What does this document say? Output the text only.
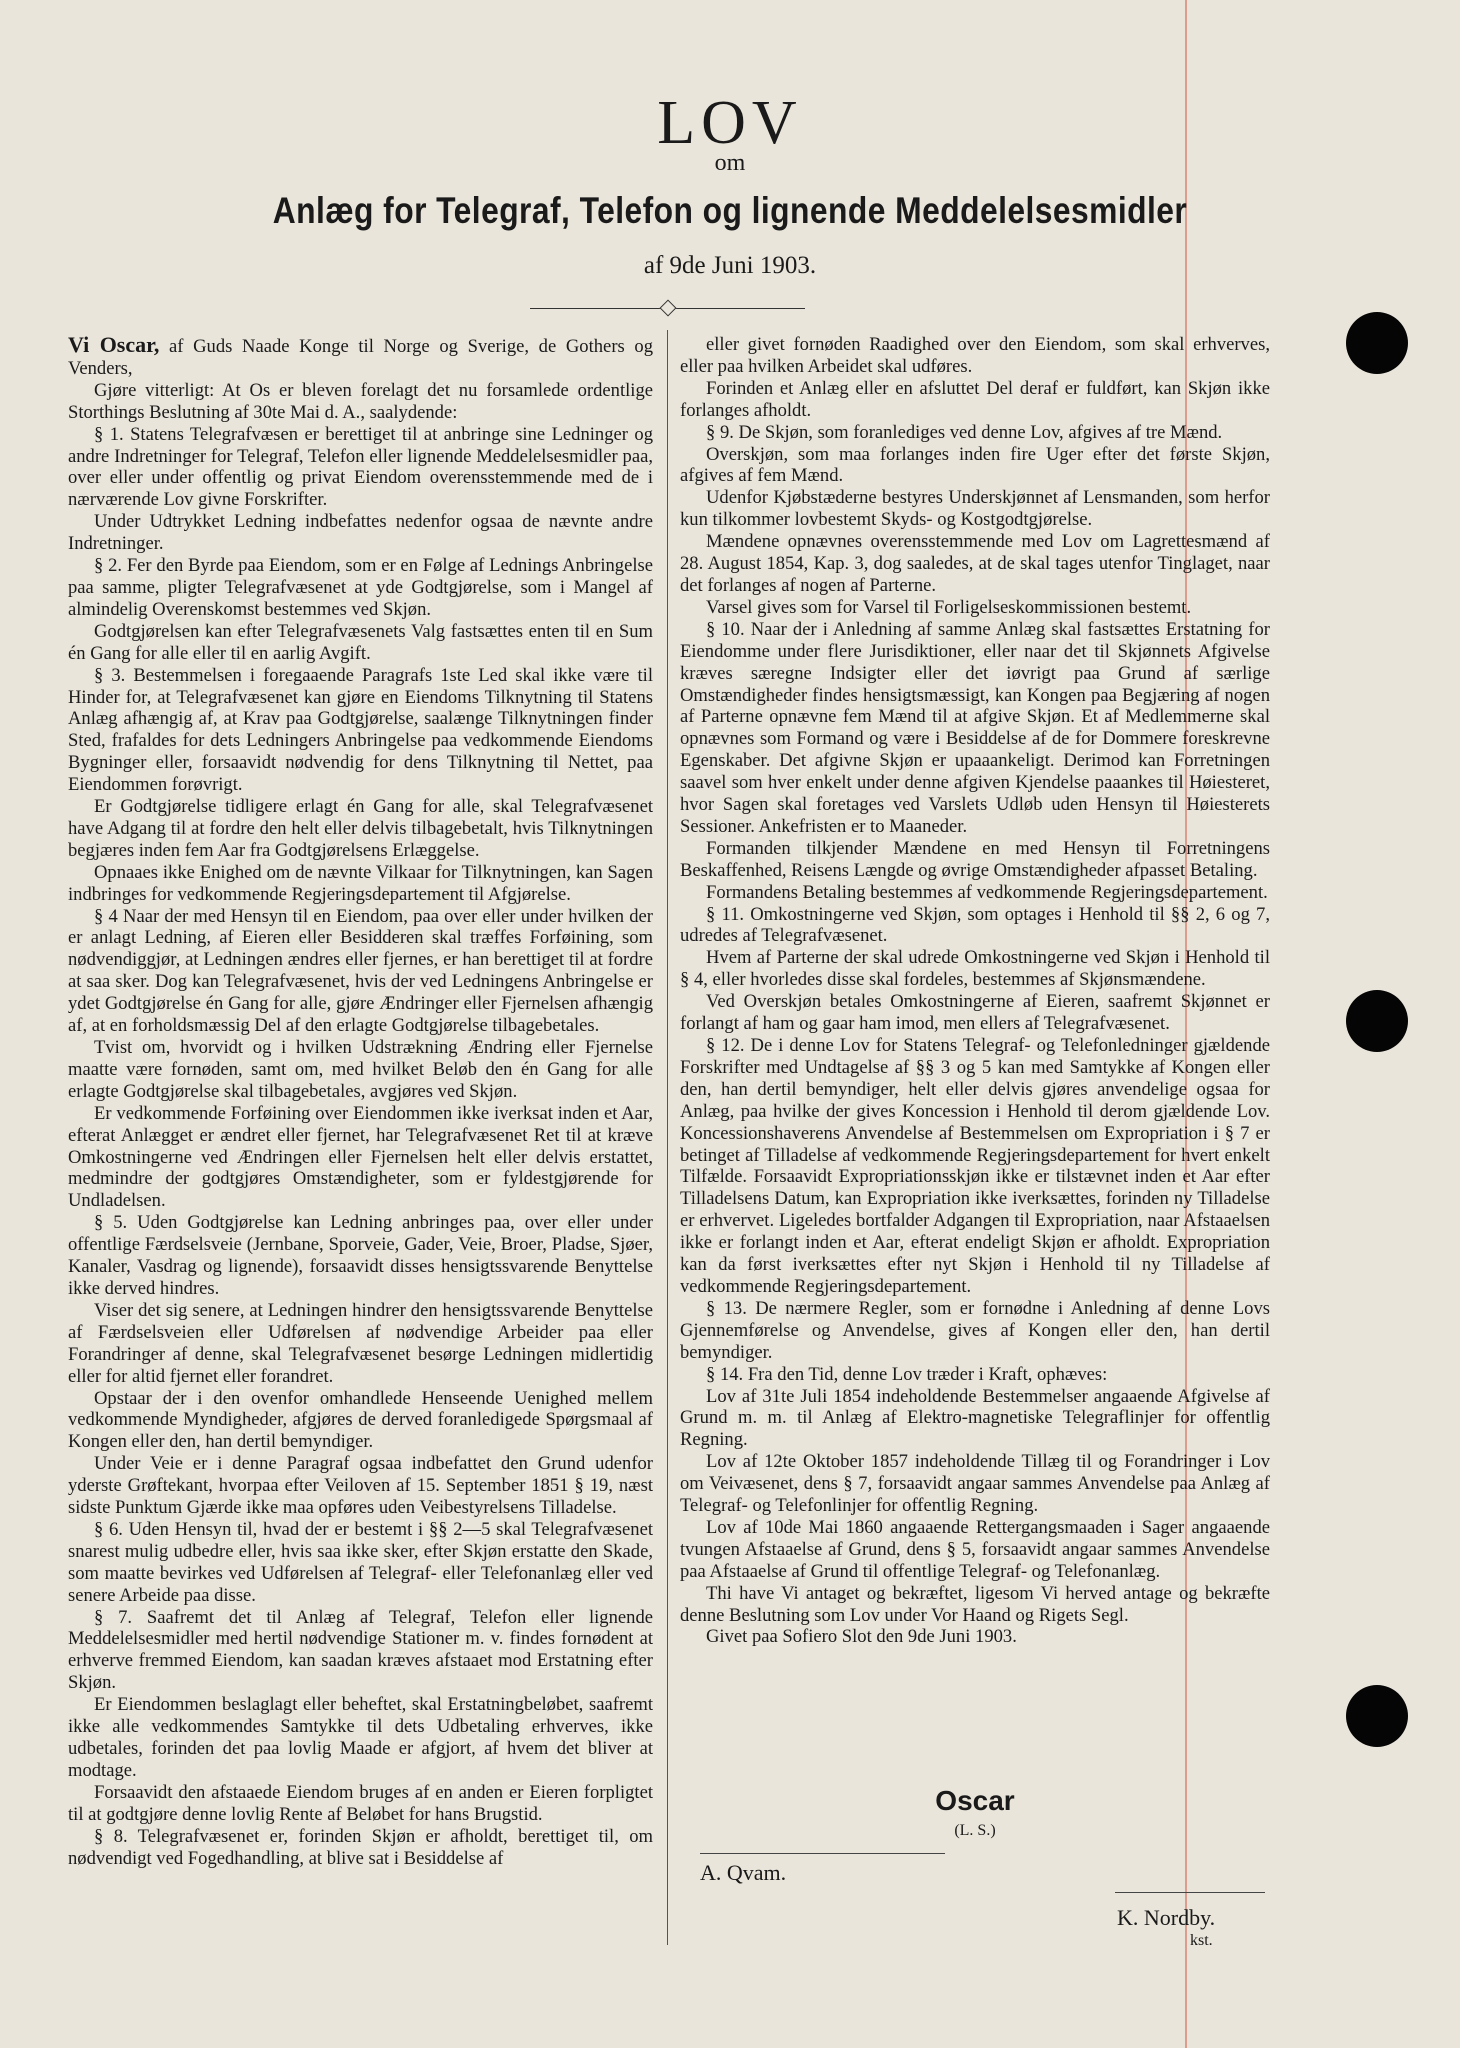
LOV
om
Anlæg for Telegraf, Telefon og lignende Meddelelsesmidler
af 9de Juni 1903.

Vi Oscar, af Guds Naade Konge til Norge og Sverige, de Gothers og Venders,

Gjøre vitterligt: At Os er bleven forelagt det nu forsamlede ordentlige Storthings Beslutning af 30te Mai d. A., saalydende:

§ 1. Statens Telegrafvæsen er berettiget til at anbringe sine Ledninger og andre Indretninger for Telegraf, Telefon eller lignende Meddelelsesmidler paa, over eller under offentlig og privat Eiendom overensstemmende med de i nærværende Lov givne Forskrifter.

Under Udtrykket Ledning indbefattes nedenfor ogsaa de nævnte andre Indretninger.

§ 2. Fer den Byrde paa Eiendom, som er en Følge af Lednings Anbringelse paa samme, pligter Telegrafvæsenet at yde Godtgjørelse, som i Mangel af almindelig Overenskomst bestemmes ved Skjøn.

Godtgjørelsen kan efter Telegrafvæsenets Valg fastsættes enten til en Sum én Gang for alle eller til en aarlig Avgift.

§ 3. Bestemmelsen i foregaaende Paragrafs 1ste Led skal ikke være til Hinder for, at Telegrafvæsenet kan gjøre en Eiendoms Tilknytning til Statens Anlæg afhængig af, at Krav paa Godtgjørelse, saalænge Tilknytningen finder Sted, frafaldes for dets Ledningers Anbringelse paa vedkommende Eiendoms Bygninger eller, forsaavidt nødvendig for dens Tilknytning til Nettet, paa Eiendommen forøvrigt.

Er Godtgjørelse tidligere erlagt én Gang for alle, skal Telegrafvæsenet have Adgang til at fordre den helt eller delvis tilbagebetalt, hvis Tilknytningen begjæres inden fem Aar fra Godtgjørelsens Erlæggelse.

Opnaaes ikke Enighed om de nævnte Vilkaar for Tilknytningen, kan Sagen indbringes for vedkommende Regjeringsdepartement til Afgjørelse.

§ 4 Naar der med Hensyn til en Eiendom, paa over eller under hvilken der er anlagt Ledning, af Eieren eller Besidderen skal træffes Forføining, som nødvendiggjør, at Ledningen ændres eller fjernes, er han berettiget til at fordre at saa sker. Dog kan Telegrafvæsenet, hvis der ved Ledningens Anbringelse er ydet Godtgjørelse én Gang for alle, gjøre Ændringer eller Fjernelsen afhængig af, at en forholdsmæssig Del af den erlagte Godtgjørelse tilbagebetales.

Tvist om, hvorvidt og i hvilken Udstrækning Ændring eller Fjernelse maatte være fornøden, samt om, med hvilket Beløb den én Gang for alle erlagte Godtgjørelse skal tilbagebetales, avgjøres ved Skjøn.

Er vedkommende Forføining over Eiendommen ikke iverksat inden et Aar, efterat Anlægget er ændret eller fjernet, har Telegrafvæsenet Ret til at kræve Omkostningerne ved Ændringen eller Fjernelsen helt eller delvis erstattet, medmindre der godtgjøres Omstændigheter, som er fyldestgjørende for Undladelsen.

§ 5. Uden Godtgjørelse kan Ledning anbringes paa, over eller under offentlige Færdselsveie (Jernbane, Sporveie, Gader, Veie, Broer, Pladse, Sjøer, Kanaler, Vasdrag og lignende), forsaavidt disses hensigtssvarende Benyttelse ikke derved hindres.

Viser det sig senere, at Ledningen hindrer den hensigtssvarende Benyttelse af Færdselsveien eller Udførelsen af nødvendige Arbeider paa eller Forandringer af denne, skal Telegrafvæsenet besørge Ledningen midlertidig eller for altid fjernet eller forandret.

Opstaar der i den ovenfor omhandlede Henseende Uenighed mellem vedkommende Myndigheder, afgjøres de derved foranledigede Spørgsmaal af Kongen eller den, han dertil bemyndiger.

Under Veie er i denne Paragraf ogsaa indbefattet den Grund udenfor yderste Grøftekant, hvorpaa efter Veiloven af 15. September 1851 § 19, næst sidste Punktum Gjærde ikke maa opføres uden Veibestyrelsens Tilladelse.

§ 6. Uden Hensyn til, hvad der er bestemt i §§ 2—5 skal Telegrafvæsenet snarest mulig udbedre eller, hvis saa ikke sker, efter Skjøn erstatte den Skade, som maatte bevirkes ved Udførelsen af Telegraf- eller Telefonanlæg eller ved senere Arbeide paa disse.

§ 7. Saafremt det til Anlæg af Telegraf, Telefon eller lignende Meddelelsesmidler med hertil nødvendige Stationer m. v. findes fornødent at erhverve fremmed Eiendom, kan saadan kræves afstaaet mod Erstatning efter Skjøn.

Er Eiendommen beslaglagt eller beheftet, skal Erstatningbeløbet, saafremt ikke alle vedkommendes Samtykke til dets Udbetaling erhverves, ikke udbetales, forinden det paa lovlig Maade er afgjort, af hvem det bliver at modtage.

Forsaavidt den afstaaede Eiendom bruges af en anden er Eieren forpligtet til at godtgjøre denne lovlig Rente af Beløbet for hans Brugstid.

§ 8. Telegrafvæsenet er, forinden Skjøn er afholdt, berettiget til, om nødvendigt ved Fogedhandling, at blive sat i Besiddelse af

eller givet fornøden Raadighed over den Eiendom, som skal erhverves, eller paa hvilken Arbeidet skal udføres.

Forinden et Anlæg eller en afsluttet Del deraf er fuldført, kan Skjøn ikke forlanges afholdt.

§ 9. De Skjøn, som foranlediges ved denne Lov, afgives af tre Mænd.

Overskjøn, som maa forlanges inden fire Uger efter det første Skjøn, afgives af fem Mænd.

Udenfor Kjøbstæderne bestyres Underskjønnet af Lensmanden, som herfor kun tilkommer lovbestemt Skyds- og Kostgodtgjørelse.

Mændene opnævnes overensstemmende med Lov om Lagrettesmænd af 28. August 1854, Kap. 3, dog saaledes, at de skal tages utenfor Tinglaget, naar det forlanges af nogen af Parterne.

Varsel gives som for Varsel til Forligelseskommissionen bestemt.

§ 10. Naar der i Anledning af samme Anlæg skal fastsættes Erstatning for Eiendomme under flere Jurisdiktioner, eller naar det til Skjønnets Afgivelse kræves særegne Indsigter eller det iøvrigt paa Grund af særlige Omstændigheder findes hensigtsmæssigt, kan Kongen paa Begjæring af nogen af Parterne opnævne fem Mænd til at afgive Skjøn. Et af Medlemmerne skal opnævnes som Formand og være i Besiddelse af de for Dommere foreskrevne Egenskaber. Det afgivne Skjøn er upaaankeligt. Derimod kan Forretningen saavel som hver enkelt under denne afgiven Kjendelse paaankes til Høiesteret, hvor Sagen skal foretages ved Varslets Udløb uden Hensyn til Høiesterets Sessioner. Ankefristen er to Maaneder.

Formanden tilkjender Mændene en med Hensyn til Forretningens Beskaffenhed, Reisens Længde og øvrige Omstændigheder afpasset Betaling.

Formandens Betaling bestemmes af vedkommende Regjeringsdepartement.

§ 11. Omkostningerne ved Skjøn, som optages i Henhold til §§ 2, 6 og 7, udredes af Telegrafvæsenet.

Hvem af Parterne der skal udrede Omkostningerne ved Skjøn i Henhold til § 4, eller hvorledes disse skal fordeles, bestemmes af Skjønsmændene.

Ved Overskjøn betales Omkostningerne af Eieren, saafremt Skjønnet er forlangt af ham og gaar ham imod, men ellers af Telegrafvæsenet.

§ 12. De i denne Lov for Statens Telegraf- og Telefonledninger gjældende Forskrifter med Undtagelse af §§ 3 og 5 kan med Samtykke af Kongen eller den, han dertil bemyndiger, helt eller delvis gjøres anvendelige ogsaa for Anlæg, paa hvilke der gives Koncession i Henhold til derom gjældende Lov. Koncessionshaverens Anvendelse af Bestemmelsen om Expropriation i § 7 er betinget af Tilladelse af vedkommende Regjeringsdepartement for hvert enkelt Tilfælde. Forsaavidt Expropriationsskjøn ikke er tilstævnet inden et Aar efter Tilladelsens Datum, kan Expropriation ikke iverksættes, forinden ny Tilladelse er erhvervet. Ligeledes bortfalder Adgangen til Expropriation, naar Afstaaelsen ikke er forlangt inden et Aar, efterat endeligt Skjøn er afholdt. Expropriation kan da først iverksættes efter nyt Skjøn i Henhold til ny Tilladelse af vedkommende Regjeringsdepartement.

§ 13. De nærmere Regler, som er fornødne i Anledning af denne Lovs Gjennemførelse og Anvendelse, gives af Kongen eller den, han dertil bemyndiger.

§ 14. Fra den Tid, denne Lov træder i Kraft, ophæves:

Lov af 31te Juli 1854 indeholdende Bestemmelser angaaende Afgivelse af Grund m. m. til Anlæg af Elektro-magnetiske Telegraflinjer for offentlig Regning.

Lov af 12te Oktober 1857 indeholdende Tillæg til og Forandringer i Lov om Veivæsenet, dens § 7, forsaavidt angaar sammes Anvendelse paa Anlæg af Telegraf- og Telefonlinjer for offentlig Regning.

Lov af 10de Mai 1860 angaaende Rettergangsmaaden i Sager angaaende tvungen Afstaaelse af Grund, dens § 5, forsaavidt angaar sammes Anvendelse paa Afstaaelse af Grund til offentlige Telegraf- og Telefonanlæg.

Thi have Vi antaget og bekræftet, ligesom Vi herved antage og bekræfte denne Beslutning som Lov under Vor Haand og Rigets Segl.

Givet paa Sofiero Slot den 9de Juni 1903.

Oscar
(L. S.)
A. Qvam.
K. Nordby.
kst.
